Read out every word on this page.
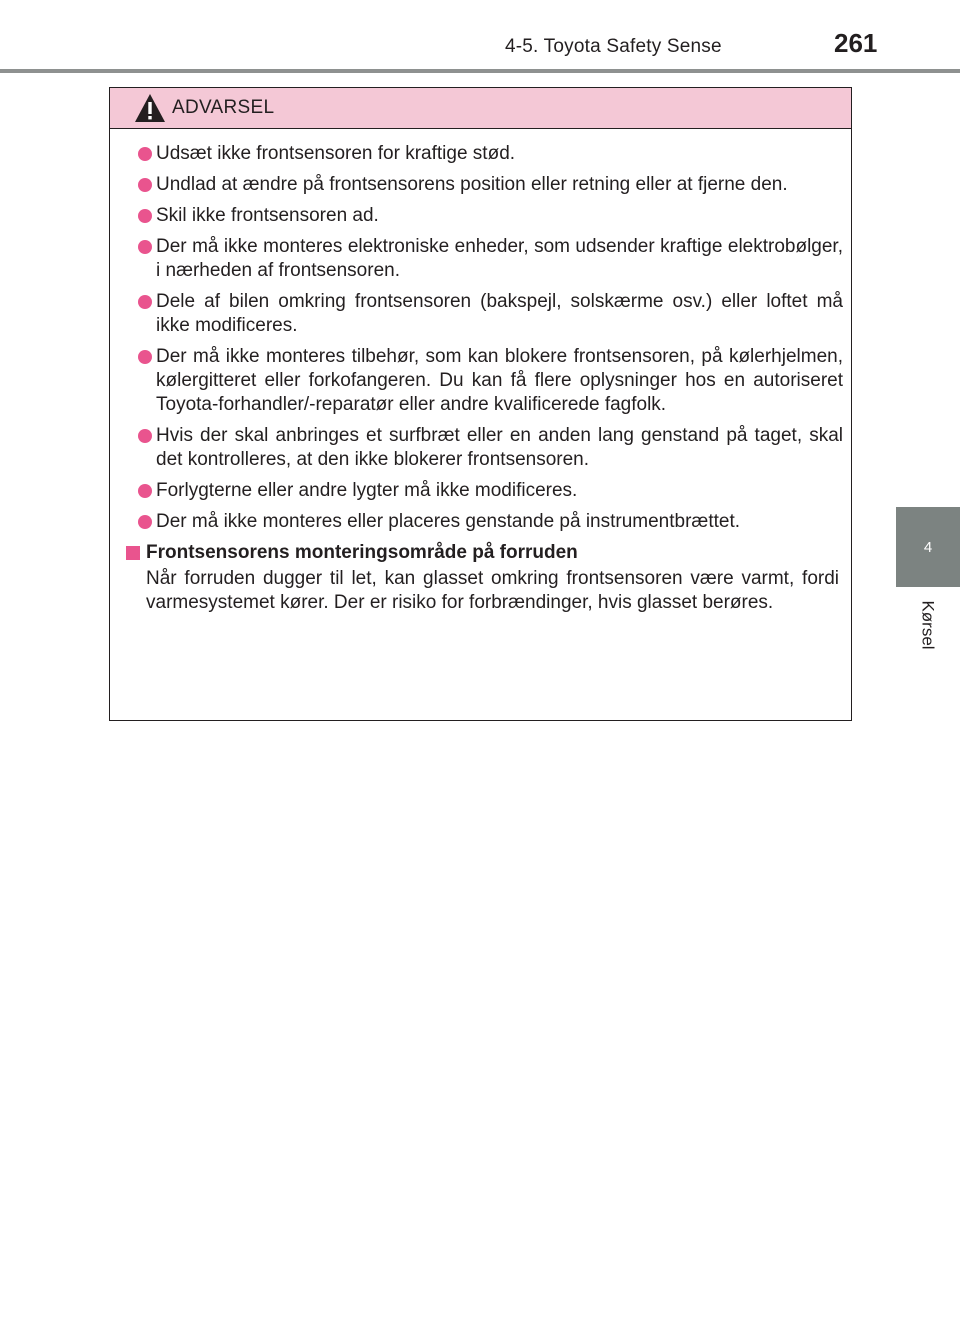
4-5. Toyota Safety Sense	261
4
Kørsel
ADVARSEL
Udsæt ikke frontsensoren for kraftige stød.
Undlad at ændre på frontsensorens position eller retning eller at fjerne den.
Skil ikke frontsensoren ad.
Der må ikke monteres elektroniske enheder, som udsender kraftige elektrobølger, i nærheden af frontsensoren.
Dele af bilen omkring frontsensoren (bakspejl, solskærme osv.) eller loftet må ikke modificeres.
Der må ikke monteres tilbehør, som kan blokere frontsensoren, på kølerhjelmen, kølergitteret eller forkofangeren. Du kan få flere oplysninger hos en autoriseret Toyota-forhandler/-reparatør eller andre kvalificerede fagfolk.
Hvis der skal anbringes et surfbræt eller en anden lang genstand på taget, skal det kontrolleres, at den ikke blokerer frontsensoren.
Forlygterne eller andre lygter må ikke modificeres.
Der må ikke monteres eller placeres genstande på instrumentbrættet.
Frontsensorens monteringsområde på forruden
Når forruden dugger til let, kan glasset omkring frontsensoren være varmt, fordi varmesystemet kører. Der er risiko for forbrændinger, hvis glasset berøres.
